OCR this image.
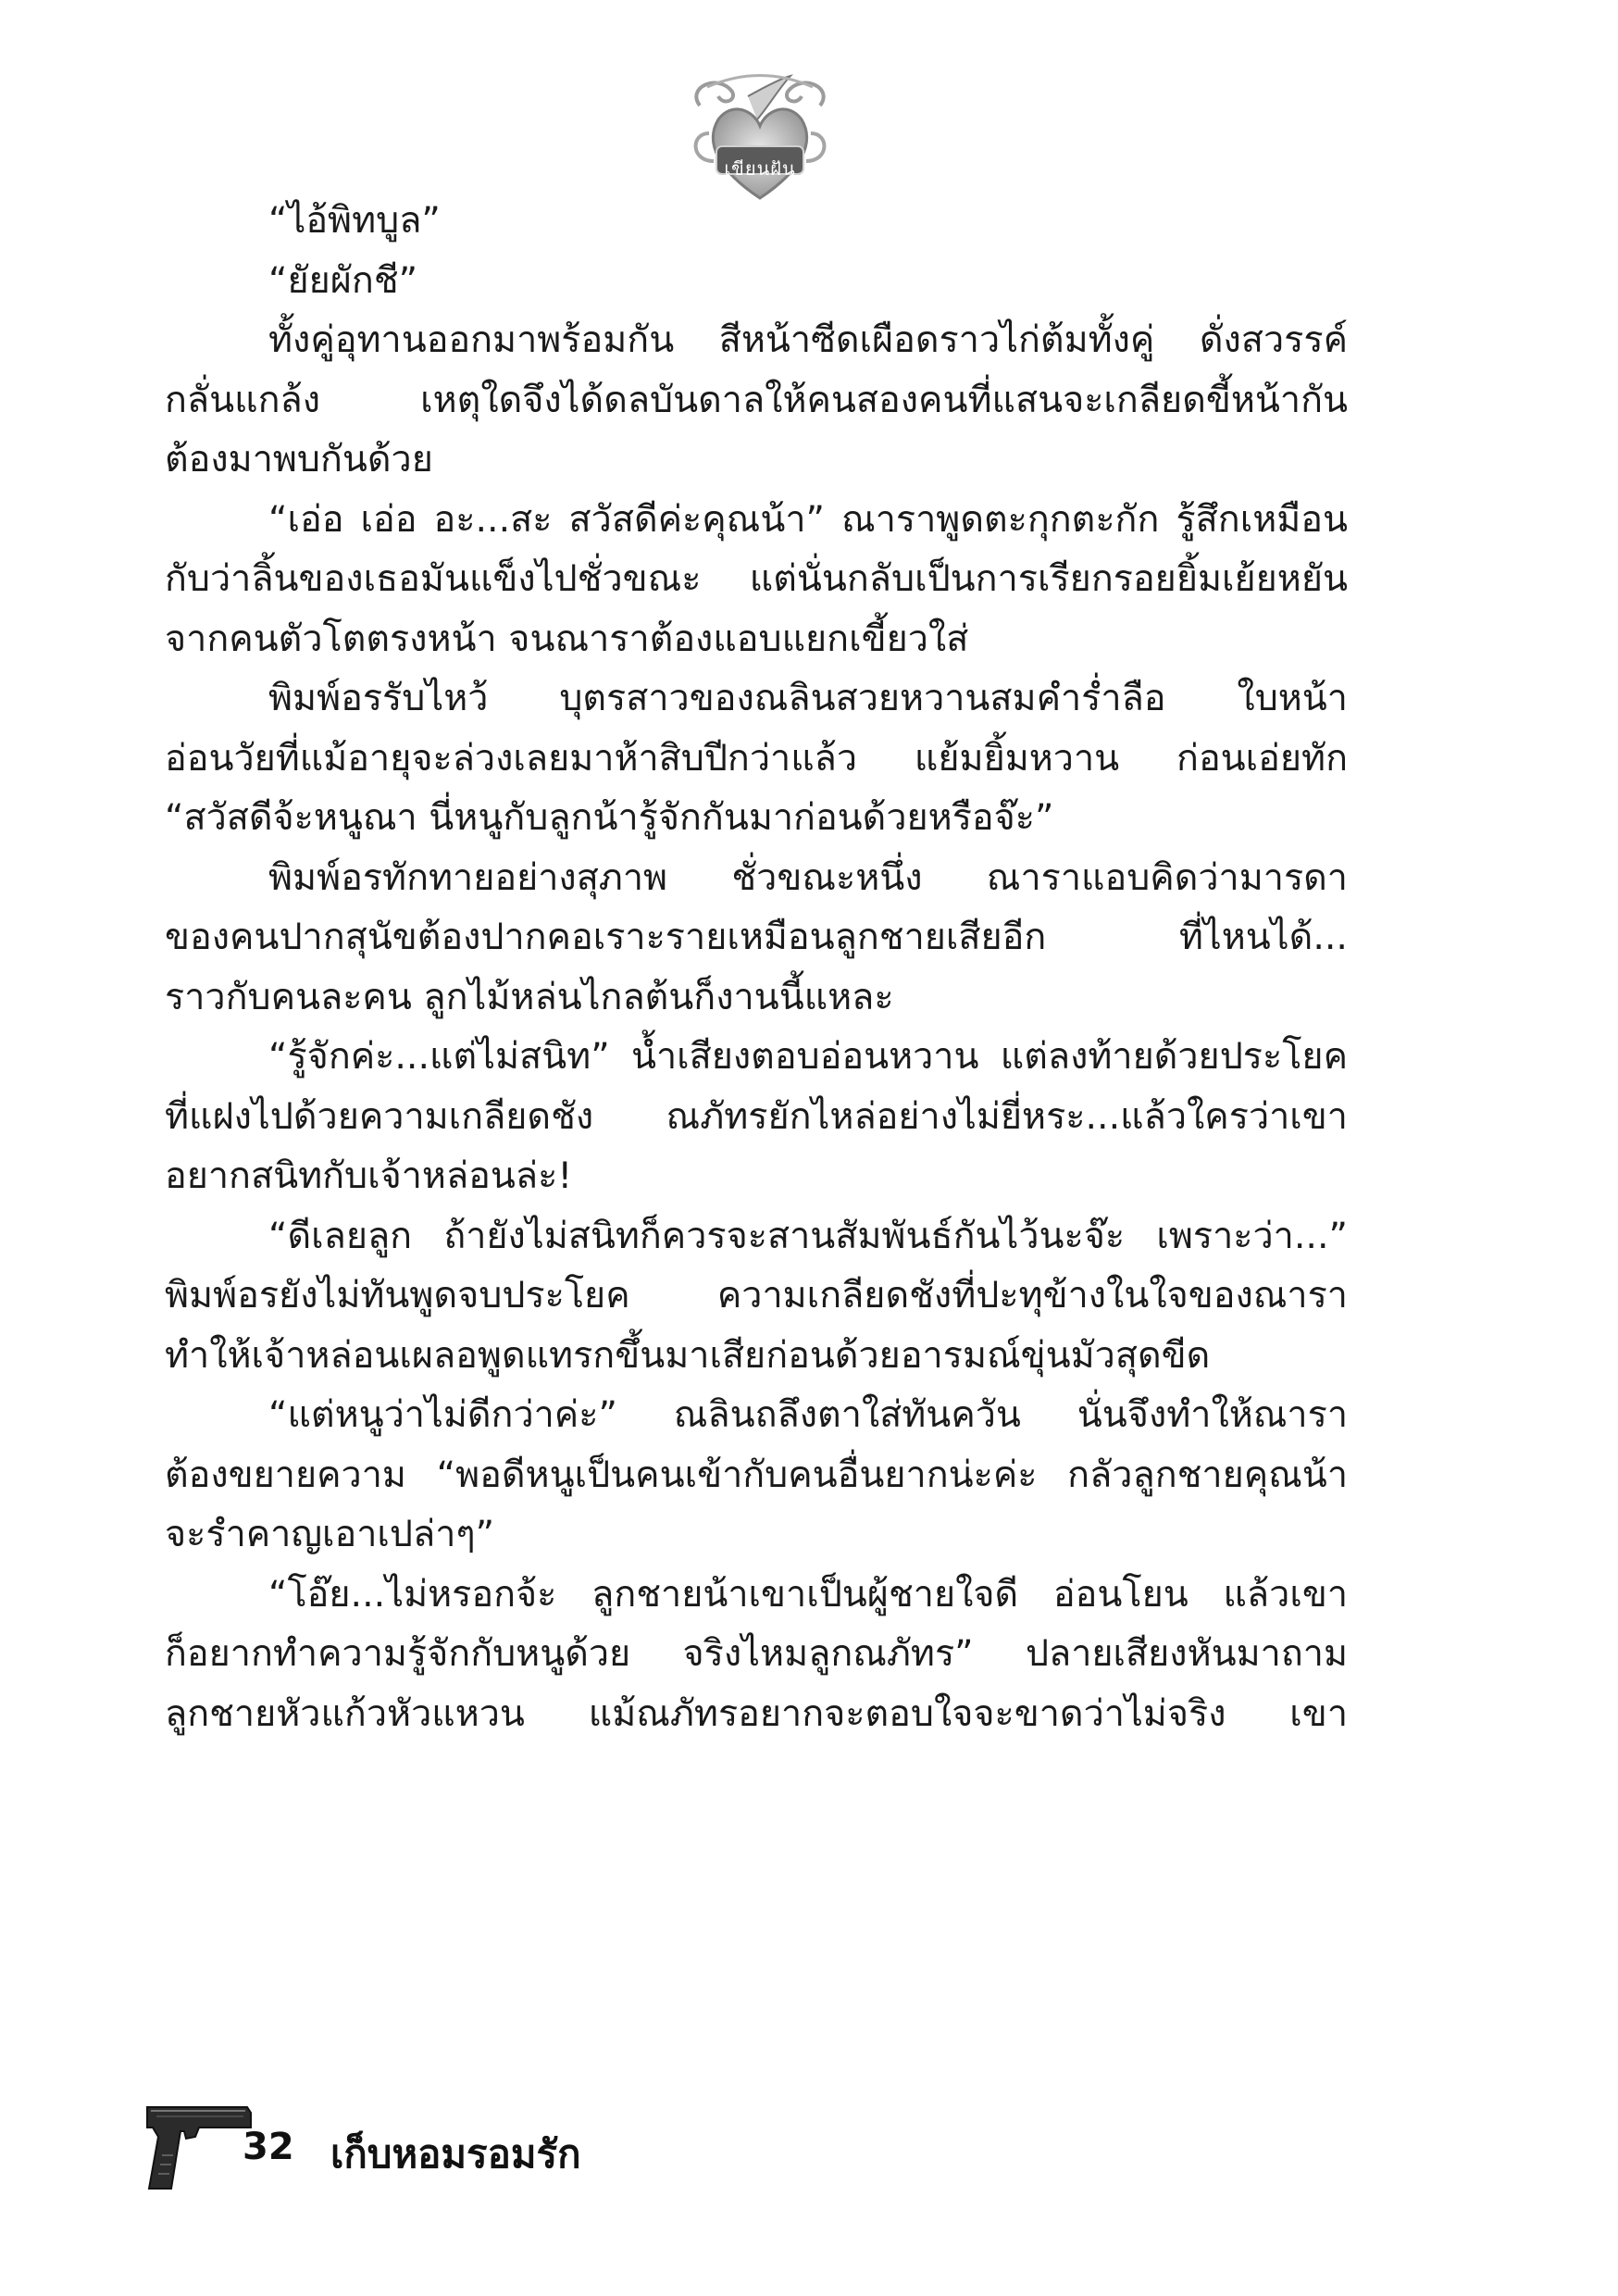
เขียนฝัน
“ไอ้พิทบูล”
“ยัยผักชี”
ทั้งคู่อุทานออกมาพร้อมกัน สีหน้าซีดเผือดราวไก่ต้มทั้งคู่ ดั่งสวรรค์
กลั่นแกล้ง เหตุใดจึงได้ดลบันดาลให้คนสองคนที่แสนจะเกลียดขี้หน้ากัน
ต้องมาพบกันด้วย
“เอ่อ เอ่อ อะ...สะ สวัสดีค่ะคุณน้า” ณาราพูดตะกุกตะกัก รู้สึกเหมือน
กับว่าลิ้นของเธอมันแข็งไปชั่วขณะ แต่นั่นกลับเป็นการเรียกรอยยิ้มเย้ยหยัน
จากคนตัวโตตรงหน้า จนณาราต้องแอบแยกเขี้ยวใส่
พิมพ์อรรับไหว้ บุตรสาวของณลินสวยหวานสมคำร่ำลือ ใบหน้า
อ่อนวัยที่แม้อายุจะล่วงเลยมาห้าสิบปีกว่าแล้ว แย้มยิ้มหวาน ก่อนเอ่ยทัก
“สวัสดีจ้ะหนูณา นี่หนูกับลูกน้ารู้จักกันมาก่อนด้วยหรือจ๊ะ”
พิมพ์อรทักทายอย่างสุภาพ ชั่วขณะหนึ่ง ณาราแอบคิดว่ามารดา
ของคนปากสุนัขต้องปากคอเราะรายเหมือนลูกชายเสียอีก ที่ไหนได้...
ราวกับคนละคน ลูกไม้หล่นไกลต้นก็งานนี้แหละ
“รู้จักค่ะ...แต่ไม่สนิท” น้ำเสียงตอบอ่อนหวาน แต่ลงท้ายด้วยประโยค
ที่แฝงไปด้วยความเกลียดชัง ณภัทรยักไหล่อย่างไม่ยี่หระ...แล้วใครว่าเขา
อยากสนิทกับเจ้าหล่อนล่ะ!
“ดีเลยลูก ถ้ายังไม่สนิทก็ควรจะสานสัมพันธ์กันไว้นะจ๊ะ เพราะว่า...”
พิมพ์อรยังไม่ทันพูดจบประโยค ความเกลียดชังที่ปะทุข้างในใจของณารา
ทำให้เจ้าหล่อนเผลอพูดแทรกขึ้นมาเสียก่อนด้วยอารมณ์ขุ่นมัวสุดขีด
“แต่หนูว่าไม่ดีกว่าค่ะ” ณลินถลึงตาใส่ทันควัน นั่นจึงทำให้ณารา
ต้องขยายความ “พอดีหนูเป็นคนเข้ากับคนอื่นยากน่ะค่ะ กลัวลูกชายคุณน้า
จะรำคาญเอาเปล่าๆ”
“โอ๊ย...ไม่หรอกจ้ะ ลูกชายน้าเขาเป็นผู้ชายใจดี อ่อนโยน แล้วเขา
ก็อยากทำความรู้จักกับหนูด้วย จริงไหมลูกณภัทร” ปลายเสียงหันมาถาม
ลูกชายหัวแก้วหัวแหวน แม้ณภัทรอยากจะตอบใจจะขาดว่าไม่จริง เขา
32 เก็บหอมรอมรัก
